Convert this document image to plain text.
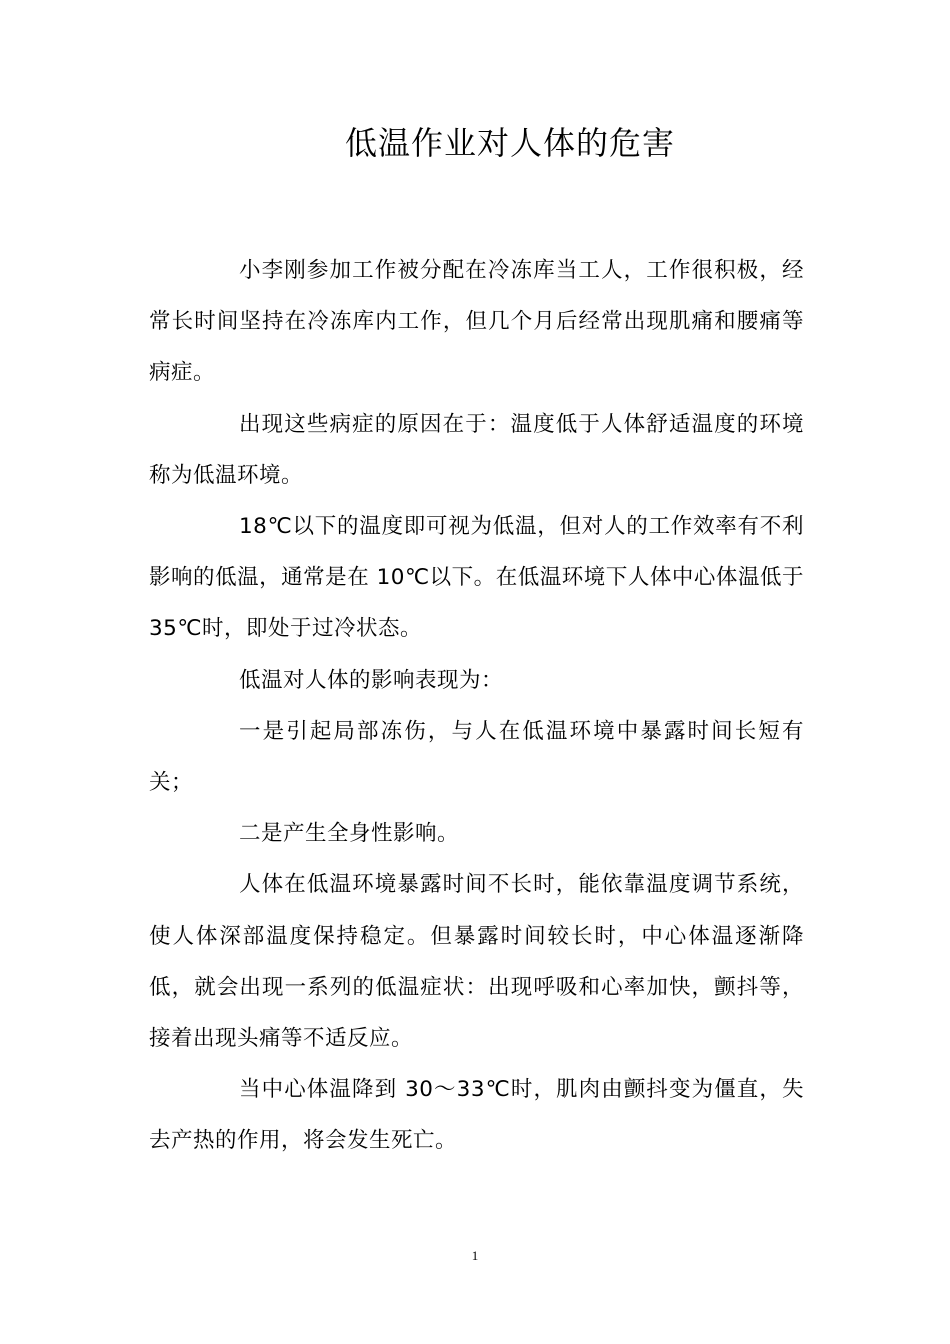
低温作业对人体的危害

小李刚参加工作被分配在冷冻库当工人，工作很积极，经常长时间坚持在冷冻库内工作，但几个月后经常出现肌痛和腰痛等病症。

出现这些病症的原因在于：温度低于人体舒适温度的环境称为低温环境。

18℃以下的温度即可视为低温，但对人的工作效率有不利影响的低温，通常是在 10℃以下。在低温环境下人体中心体温低于 35℃时，即处于过冷状态。

低温对人体的影响表现为：

一是引起局部冻伤，与人在低温环境中暴露时间长短有关；

二是产生全身性影响。

人体在低温环境暴露时间不长时，能依靠温度调节系统，使人体深部温度保持稳定。但暴露时间较长时，中心体温逐渐降低，就会出现一系列的低温症状：出现呼吸和心率加快，颤抖等，接着出现头痛等不适反应。

当中心体温降到 30～33℃时，肌肉由颤抖变为僵直，失去产热的作用，将会发生死亡。

1
